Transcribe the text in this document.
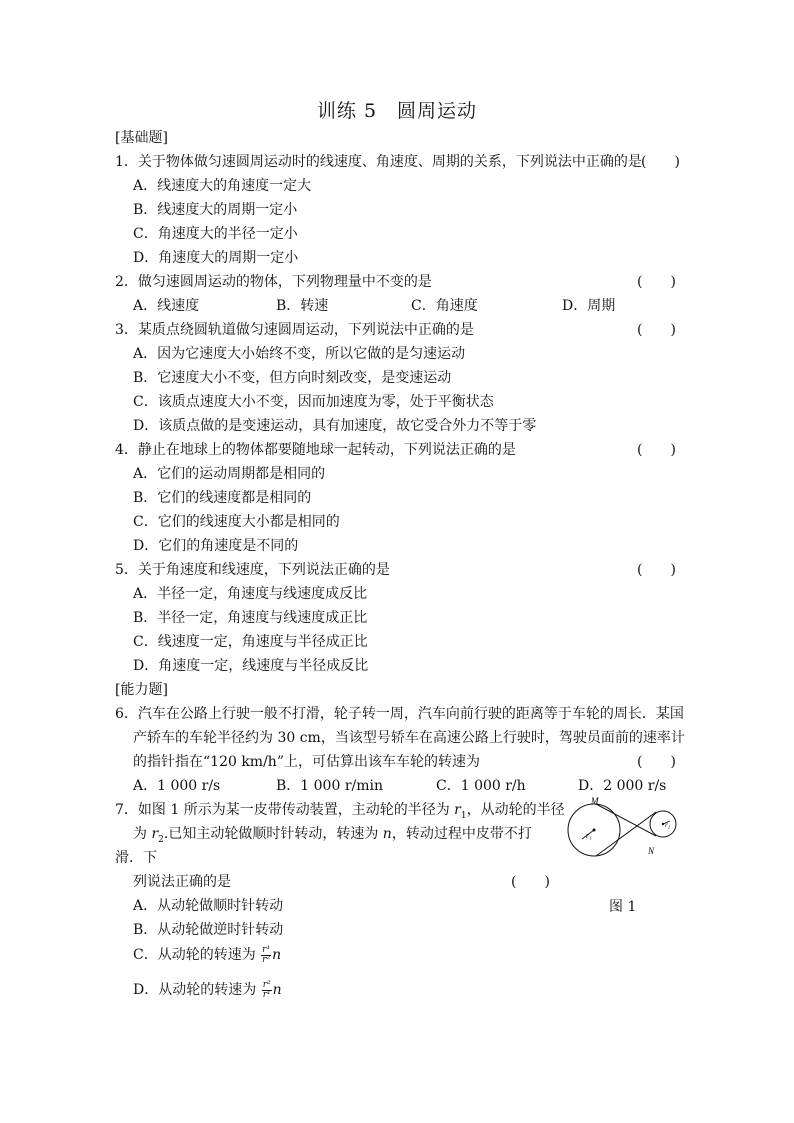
训练 5　圆周运动
[基础题]
1．关于物体做匀速圆周运动时的线速度、角速度、周期的关系，下列说法中正确的是 (　　)
A．线速度大的角速度一定大
B．线速度大的周期一定小
C．角速度大的半径一定小
D．角速度大的周期一定小
2．做匀速圆周运动的物体，下列物理量中不变的是	(　　)
A．线速度	B．转速	C．角速度	D．周期
3．某质点绕圆轨道做匀速圆周运动，下列说法中正确的是	(　　)
A．因为它速度大小始终不变，所以它做的是匀速运动
B．它速度大小不变，但方向时刻改变，是变速运动
C．该质点速度大小不变，因而加速度为零，处于平衡状态
D．该质点做的是变速运动，具有加速度，故它受合外力不等于零
4．静止在地球上的物体都要随地球一起转动，下列说法正确的是	(　　)
A．它们的运动周期都是相同的
B．它们的线速度都是相同的
C．它们的线速度大小都是相同的
D．它们的角速度是不同的
5．关于角速度和线速度，下列说法正确的是	(　　)
A．半径一定，角速度与线速度成反比
B．半径一定，角速度与线速度成正比
C．线速度一定，角速度与半径成正比
D．角速度一定，线速度与半径成反比
[能力题]
6．汽车在公路上行驶一般不打滑，轮子转一周，汽车向前行驶的距离等于车轮的周长．某国
产轿车的车轮半径约为 30 cm，当该型号轿车在高速公路上行驶时，驾驶员面前的速率计
的指针指在“120 km/h”上，可估算出该车车轮的转速为	(　　)
A．1 000 r/s	B．1 000 r/min	C．1 000 r/h	D．2 000 r/s
7．如图 1 所示为某一皮带传动装置，主动轮的半径为 $r_1$，从动轮的半径
为 $r_2$.已知主动轮做顺时针转动，转速为 n，转动过程中皮带不打
滑．下
列说法正确的是	(　　)
A．从动轮做顺时针转动	图 1
B．从动轮做逆时针转动
C．从动轮的转速为 $\frac{\text{r¹}}{\text{r²}}$ n
D．从动轮的转速为 $\frac{\text{r²}}{\text{r¹}}$ n
M
N
r₁
r₂
